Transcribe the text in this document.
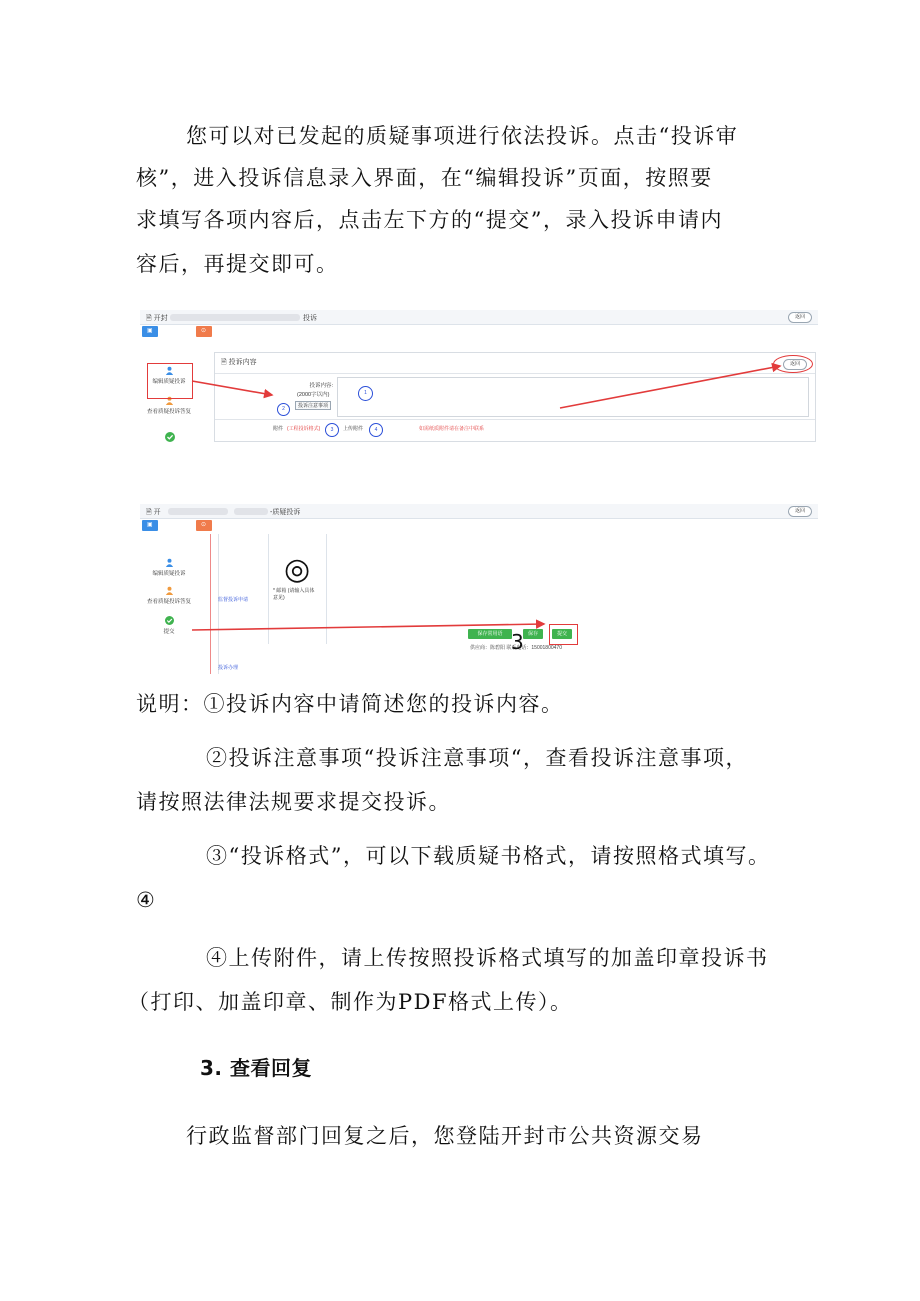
您可以对已发起的质疑事项进行依法投诉。点击“投诉审
核”，进入投诉信息录入界面，在“编辑投诉”页面，按照要
求填写各项内容后，点击左下方的“提交”，录入投诉申请内
容后，再提交即可。
🗎 开封	投诉	返回
▣	⊙ 流程日志
编辑质疑投诉
查看质疑投诉答复
🗎 投诉内容	返回
投诉内容:
(2000字以内)
投诉注意事项
附件 (工程投诉格式)	上传附件	如需纸质附件请在备注中联系
1
2
3	4
🗎 开	-质疑投诉	返回
▣	⊙ 流程日志
编辑质疑投诉
查看质疑投诉答复
提交
监督投诉申请
投诉办理
* 邮箱 (请输入具体意见)
保存常用语	保存	提交
供应商：陈碧阳 联系电话：15001800470
◎
3
说明：①投诉内容中请简述您的投诉内容。
②投诉注意事项“投诉注意事项“，查看投诉注意事项，
请按照法律法规要求提交投诉。
③“投诉格式”，可以下载质疑书格式，请按照格式填写。
④
④上传附件，请上传按照投诉格式填写的加盖印章投诉书
（打印、加盖印章、制作为PDF格式上传）。
3. 查看回复
行政监督部门回复之后，您登陆开封市公共资源交易
